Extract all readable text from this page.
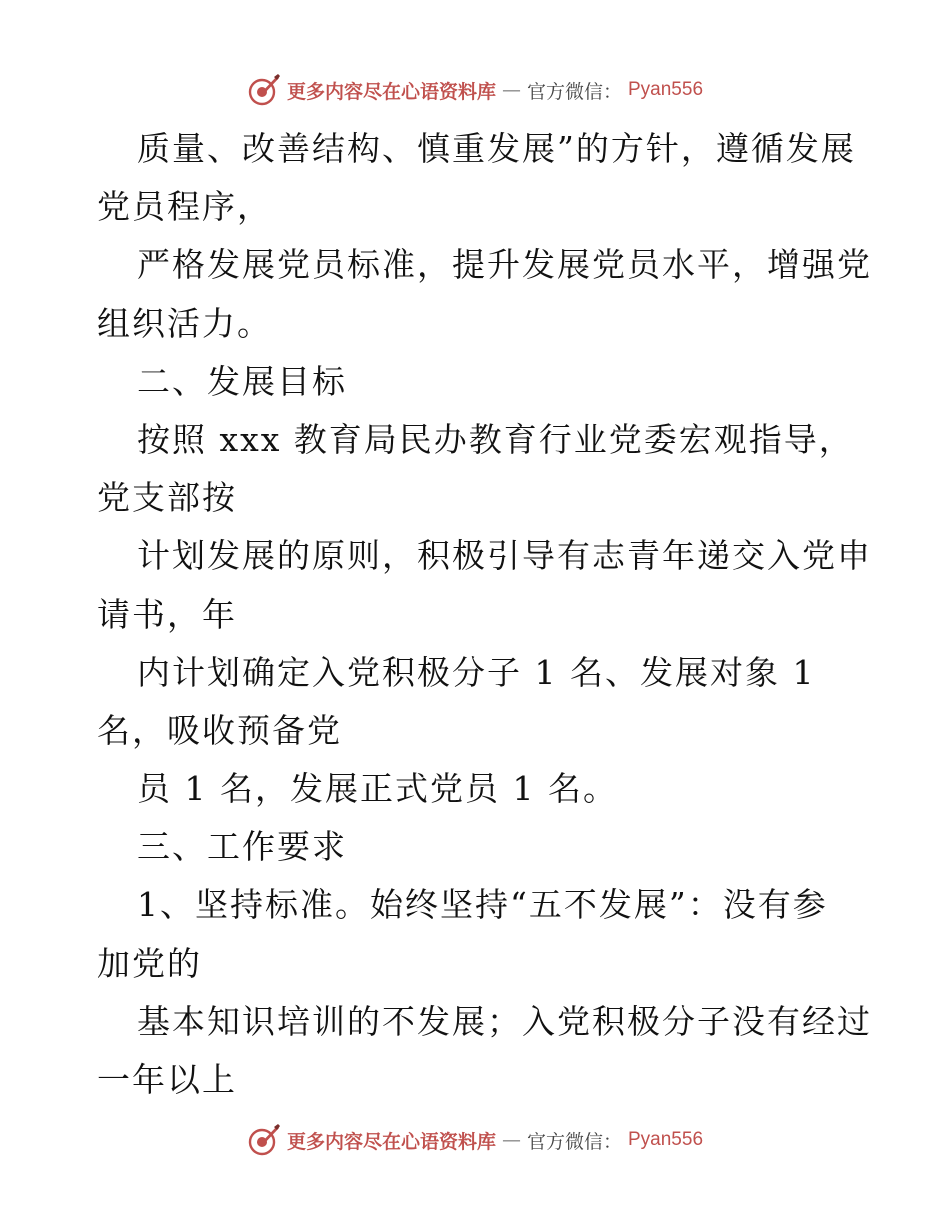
更多内容尽在心语资料库 — 官方微信： Pyan556
质量、改善结构、慎重发展”的方针，遵循发展
党员程序，
严格发展党员标准，提升发展党员水平，增强党
组织活力。
二、发展目标
按照 xxx 教育局民办教育行业党委宏观指导，
党支部按
计划发展的原则，积极引导有志青年递交入党申
请书，年
内计划确定入党积极分子 1 名、发展对象 1
名，吸收预备党
员 1 名，发展正式党员 1 名。
三、工作要求
1、坚持标准。始终坚持“五不发展”：没有参
加党的
基本知识培训的不发展；入党积极分子没有经过
一年以上
更多内容尽在心语资料库 — 官方微信： Pyan556
